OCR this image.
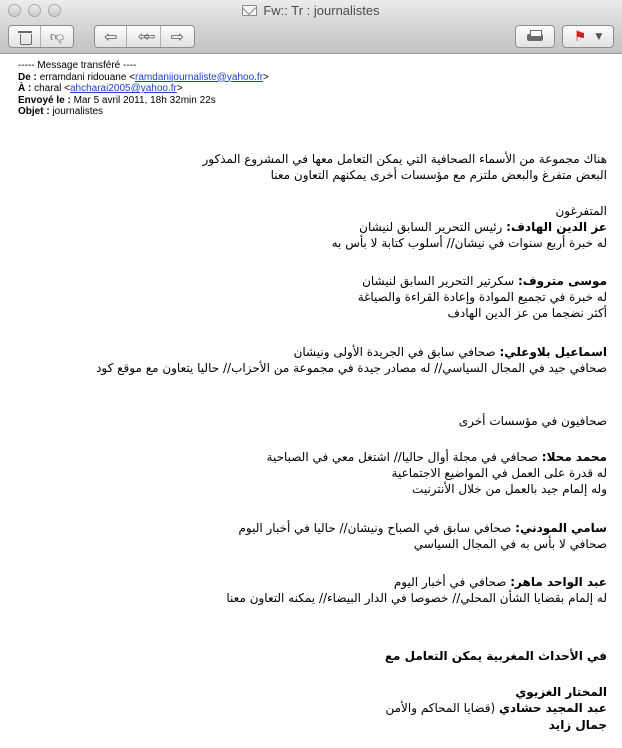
Fw:: Tr : journalistes
👎︎ ⇦ ⇦⇦ ⇨	⚑ ▼
----- Message transféré ----
De : erramdani ridouane <ramdanijournaliste@yahoo.fr>
À : charal <ahcharai2005@yahoo.fr>
Envoyé le : Mar 5 avril 2011, 18h 32min 22s
Objet : journalistes
هناك مجموعة من الأسماء الصحافية التي يمكن التعامل معها في المشروع المذكور
البعض متفرغ والبعض ملتزم مع مؤسسات أخرى يمكنهم التعاون معنا
المتفرغون
عز الدين الهادف: رئيس التحرير السابق لنيشان
له خبرة أربع سنوات في نيشان// أسلوب كتابة لا بأس به
موسى متروف: سكرتير التحرير السابق لنيشان
له خبرة في تجميع الموادة وإعادة القراءة والصياغة
أكثر نضجما من عز الدين الهادف
اسماعيل بلاوعلي: صحافي سابق في الجريدة الأولى ونيشان
صحافي جيد في المجال السياسي// له مصادر جيدة في مجموعة من الأحزاب// حاليا يتعاون مع موقع كود
صحافيون في مؤسسات أخرى
محمد محلا: صحافي في مجلة أوال حاليا// اشتغل معي في الصباحية
له قدرة على العمل في المواضيع الاجتماعية
وله إلمام جيد بالعمل من خلال الأنترنيت
سامي المودني: صحافي سابق في الصباح ونيشان// حاليا في أخبار اليوم
صحافي لا بأس به في المجال السياسي
عبد الواحد ماهر: صحافي في أخبار اليوم
له إلمام بقضايا الشأن المحلي// خصوصا في الدار البيضاء// يمكنه التعاون معنا
في الأحداث المغربية يمكن التعامل مع
المختار الغزيوي
عبد المجيد حشادي (قضايا المحاكم والأمن
جمال زايد
